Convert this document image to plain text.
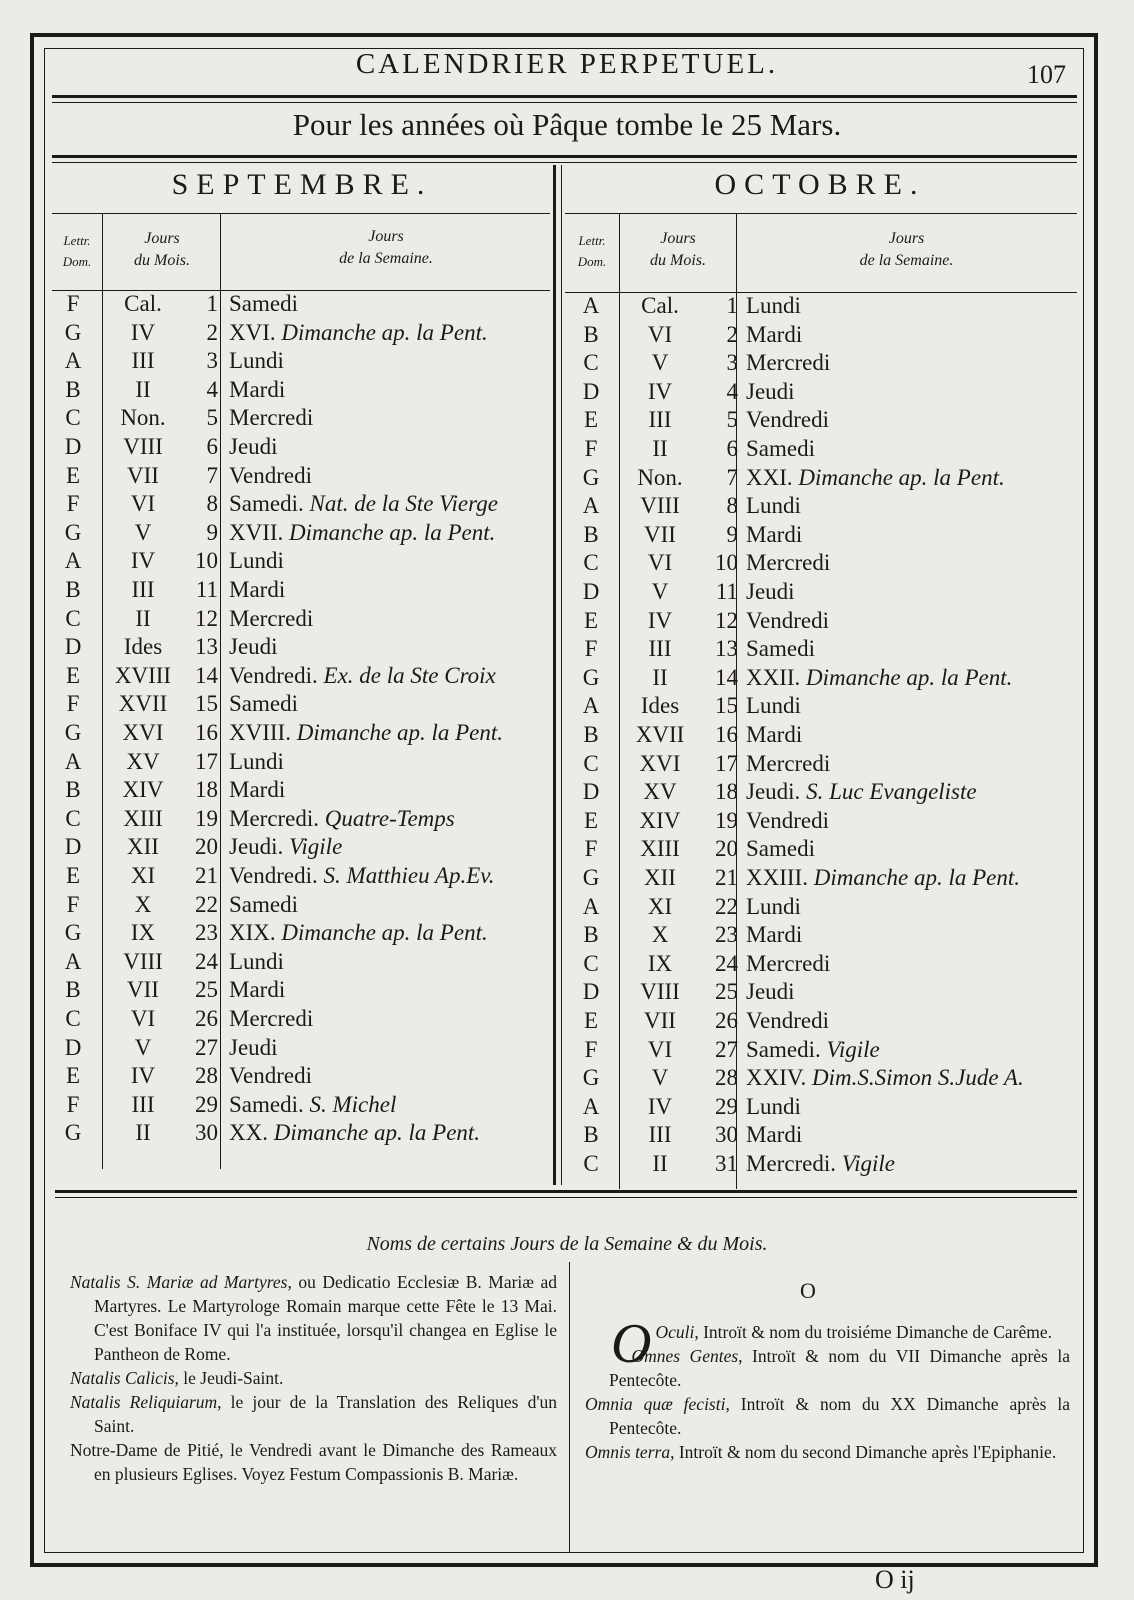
CALENDRIER PERPETUEL.	107
Pour les années où Pâque tombe le 25 Mars.
SEPTEMBRE.
Lettr.
Dom.
Jours
du Mois.
Jours
de la Semaine.
OCTOBRE.
Lettr.
Dom.
Jours
du Mois.
Jours
de la Semaine.
F	Cal.	1 Samedi
G	IV	2 XVI. Dimanche ap. la Pent.
A	III	3 Lundi
B	II	4 Mardi
C	Non.	5 Mercredi
D	VIII	6 Jeudi
E	VII	7 Vendredi
F	VI	8 Samedi. Nat. de la Ste Vierge
G	V	9 XVII. Dimanche ap. la Pent.
A	IV	10 Lundi
B	III	11 Mardi
C	II	12 Mercredi
D	Ides	13 Jeudi
E	XVIII	14 Vendredi. Ex. de la Ste Croix
F	XVII	15 Samedi
G	XVI	16 XVIII. Dimanche ap. la Pent.
A	XV	17 Lundi
B	XIV	18 Mardi
C	XIII	19 Mercredi. Quatre-Temps
D	XII	20 Jeudi. Vigile
E	XI	21 Vendredi. S. Matthieu Ap.Ev.
F	X	22 Samedi
G	IX	23 XIX. Dimanche ap. la Pent.
A	VIII	24 Lundi
B	VII	25 Mardi
C	VI	26 Mercredi
D	V	27 Jeudi
E	IV	28 Vendredi
F	III	29 Samedi. S. Michel
G	II	30 XX. Dimanche ap. la Pent.
A	Cal.	1 Lundi
B	VI	2 Mardi
C	V	3 Mercredi
D	IV	4 Jeudi
E	III	5 Vendredi
F	II	6 Samedi
G	Non.	7 XXI. Dimanche ap. la Pent.
A	VIII	8 Lundi
B	VII	9 Mardi
C	VI	10 Mercredi
D	V	11 Jeudi
E	IV	12 Vendredi
F	III	13 Samedi
G	II	14 XXII. Dimanche ap. la Pent.
A	Ides	15 Lundi
B	XVII	16 Mardi
C	XVI	17 Mercredi
D	XV	18 Jeudi. S. Luc Evangeliste
E	XIV	19 Vendredi
F	XIII	20 Samedi
G	XII	21 XXIII. Dimanche ap. la Pent.
A	XI	22 Lundi
B	X	23 Mardi
C	IX	24 Mercredi
D	VIII	25 Jeudi
E	VII	26 Vendredi
F	VI	27 Samedi. Vigile
G	V	28 XXIV. Dim.S.Simon S.Jude A.
A	IV	29 Lundi
B	III	30 Mardi
C	II	31 Mercredi. Vigile
Noms de certains Jours de la Semaine & du Mois.

Natalis S. Mariæ ad Martyres, ou Dedicatio Ecclesiæ B. Mariæ ad Martyres. Le Martyrologe Romain marque cette Fête le 13 Mai. C'est Boniface IV qui l'a instituée, lorsqu'il changea en Eglise le Pantheon de Rome.

Natalis Calicis, le Jeudi-Saint.

Natalis Reliquiarum, le jour de la Translation des Reliques d'un Saint.

Notre-Dame de Pitié, le Vendredi avant le Dimanche des Rameaux en plusieurs Eglises. Voyez Festum Compassionis B. Mariæ.

O

O Oculi, Introït & nom du troisiéme Dimanche de Carême.

Omnes Gentes, Introït & nom du VII Dimanche après la Pentecôte.

Omnia quæ fecisti, Introït & nom du XX Dimanche après la Pentecôte.

Omnis terra, Introït & nom du second Dimanche après l'Epiphanie.

O ij
